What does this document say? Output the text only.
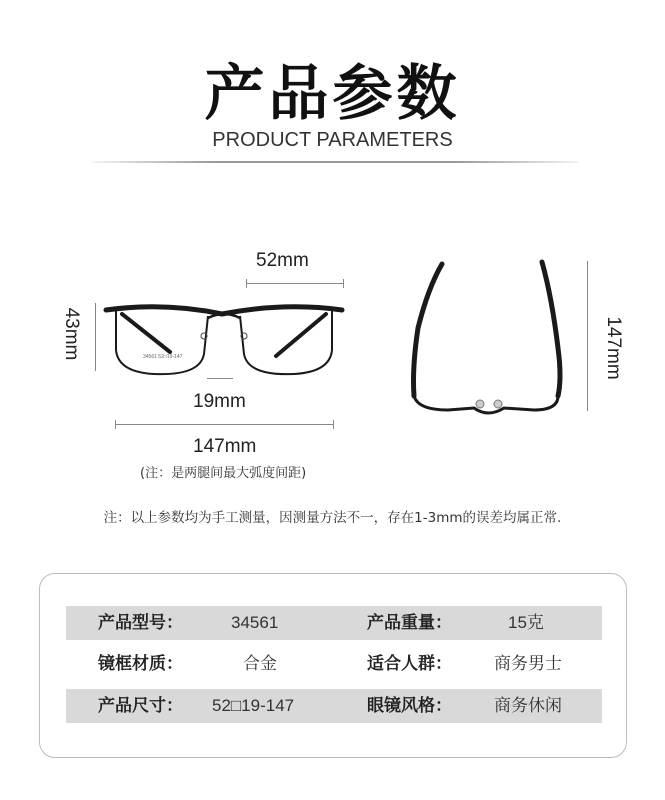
产品参数
PRODUCT PARAMETERS
52mm
43mm	34561 52□19-147
19mm
147mm
(注：是两腿间最大弧度间距)
147mm
注：以上参数均为手工测量，因测量方法不一，存在1-3mm的误差均属正常.
产品型号：	34561	产品重量：	15克
镜框材质：	合金	适合人群： 商务男士
产品尺寸： 52□19-147	眼镜风格： 商务休闲
